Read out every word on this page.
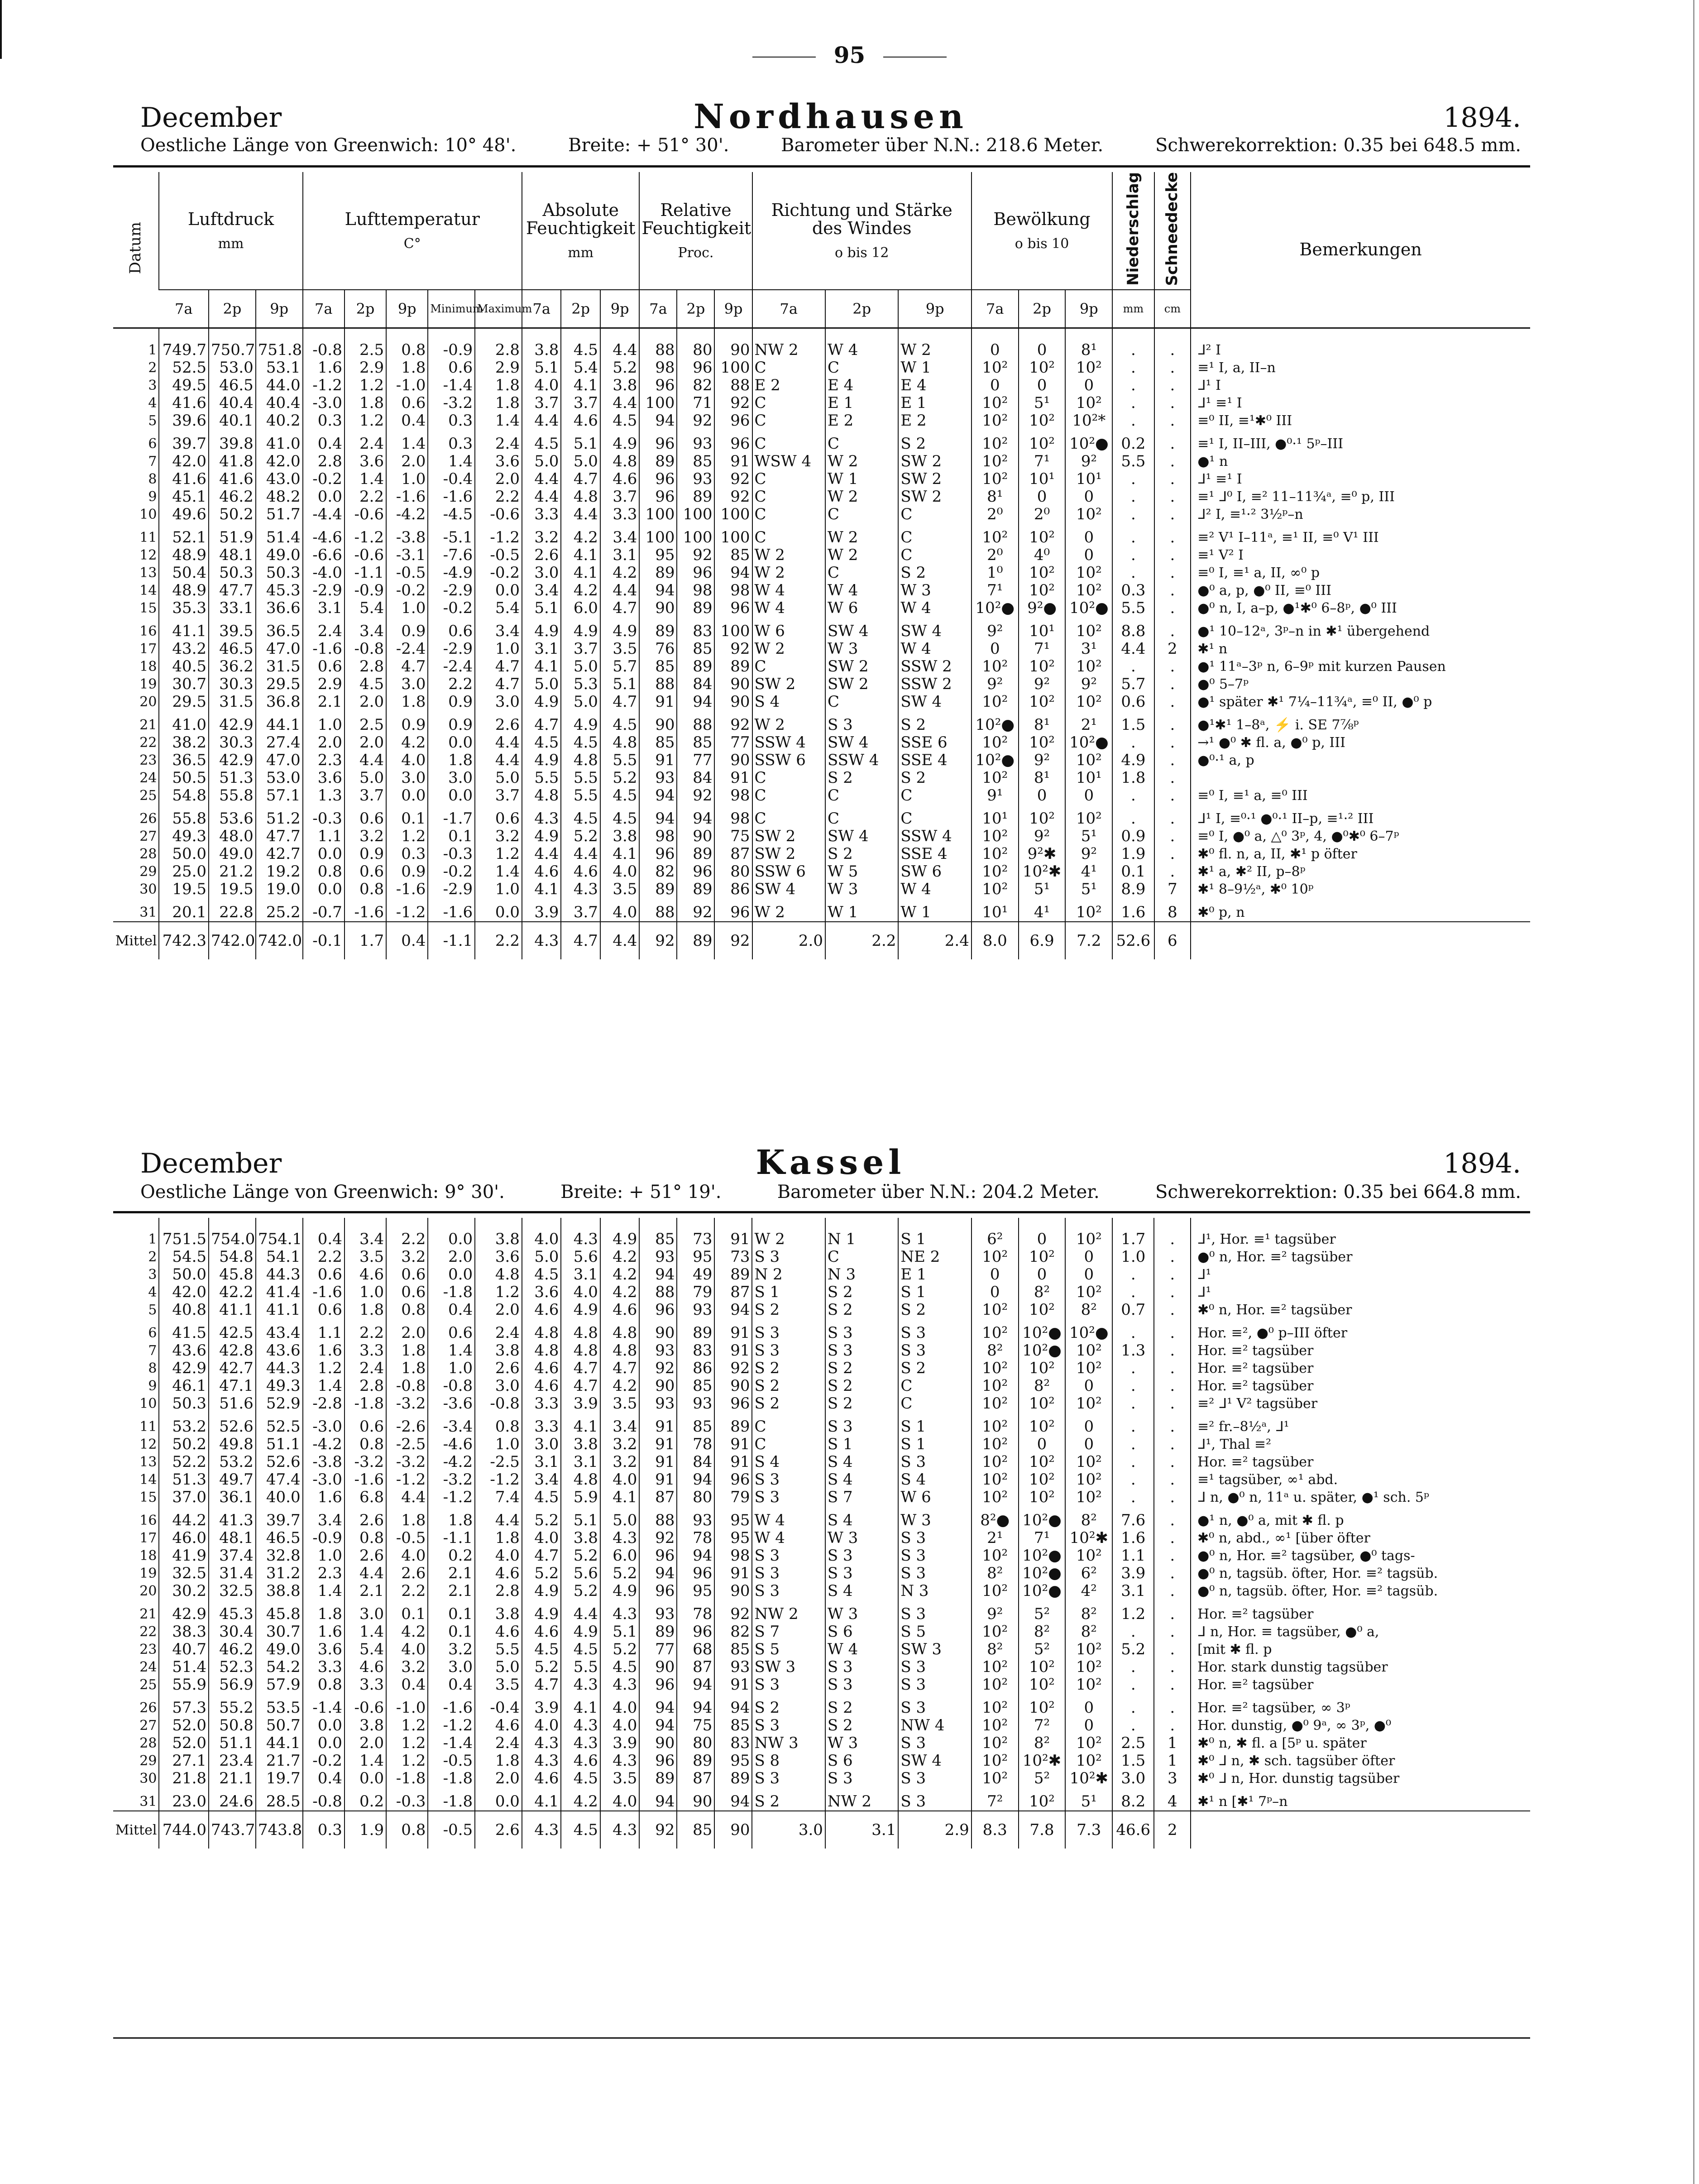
95
December	Nordhausen	1894.
Oestliche Länge von Greenwich: 10° 48'.	Breite: + 51° 30'.	Barometer über N.N.: 218.6 Meter.	Schwerekorrektion: 0.35 bei 648.5 mm.
Datum	Luftdruck
mm			Lufttemperatur
C°					Absolute Feuchtigkeit
mm			Relative Feuchtigkeit
Proc.			Richtung und Stärke des Windes
o bis 12			Bewölkung
o bis 10			Niederschlag	Schneedecke	Bemerkungen
	7a	2p	9p	7a	2p	9p	Minimum	Maximum	7a	2p	9p	7a	2p	9p	7a	2p	9p	7a	2p	9p	mm	cm	
1	749.7	750.7	751.8	-0.8	2.5	0.8	-0.9	2.8	3.8	4.5	4.4	88	80	90	NW 2	W 4	W 2	0	0	8¹	.	.	ᒧ² I
2	52.5	53.0	53.1	1.6	2.9	1.8	0.6	2.9	5.1	5.4	5.2	98	96	100	C	C	W 1	10²	10²	10²	.	.	≡¹ I, a, II–n
3	49.5	46.5	44.0	-1.2	1.2	-1.0	-1.4	1.8	4.0	4.1	3.8	96	82	88	E 2	E 4	E 4	0	0	0	.	.	ᒧ¹ I
4	41.6	40.4	40.4	-3.0	1.8	0.6	-3.2	1.8	3.7	3.7	4.4	100	71	92	C	E 1	E 1	10²	5¹	10²	.	.	ᒧ¹ ≡¹ I
5	39.6	40.1	40.2	0.3	1.2	0.4	0.3	1.4	4.4	4.6	4.5	94	92	96	C	E 2	E 2	10²	10²	10²*	.	.	≡⁰ II, ≡¹✱⁰ III
6	39.7	39.8	41.0	0.4	2.4	1.4	0.3	2.4	4.5	5.1	4.9	96	93	96	C	C	S 2	10²	10²	10²●	0.2	.	≡¹ I, II–III, ●⁰·¹ 5ᵖ–III
7	42.0	41.8	42.0	2.8	3.6	2.0	1.4	3.6	5.0	5.0	4.8	89	85	91	WSW 4	W 2	SW 2	10²	7¹	9²	5.5	.	●¹ n
8	41.6	41.6	43.0	-0.2	1.4	1.0	-0.4	2.0	4.4	4.7	4.6	96	93	92	C	W 1	SW 2	10²	10¹	10¹	.	.	ᒧ¹ ≡¹ I
9	45.1	46.2	48.2	0.0	2.2	-1.6	-1.6	2.2	4.4	4.8	3.7	96	89	92	C	W 2	SW 2	8¹	0	0	.	.	≡¹ ᒧ⁰ I, ≡² 11–11¾ᵃ, ≡⁰ p, III
10	49.6	50.2	51.7	-4.4	-0.6	-4.2	-4.5	-0.6	3.3	4.4	3.3	100	100	100	C	C	C	2⁰	2⁰	10²	.	.	ᒧ² I, ≡¹·² 3½ᵖ–n
11	52.1	51.9	51.4	-4.6	-1.2	-3.8	-5.1	-1.2	3.2	4.2	3.4	100	100	100	C	W 2	C	10²	10²	0	.	.	≡² V¹ I–11ᵃ, ≡¹ II, ≡⁰ V¹ III
12	48.9	48.1	49.0	-6.6	-0.6	-3.1	-7.6	-0.5	2.6	4.1	3.1	95	92	85	W 2	W 2	C	2⁰	4⁰	0	.	.	≡¹ V² I
13	50.4	50.3	50.3	-4.0	-1.1	-0.5	-4.9	-0.2	3.0	4.1	4.2	89	96	94	W 2	C	S 2	1⁰	10²	10²	.	.	≡⁰ I, ≡¹ a, II, ∞⁰ p
14	48.9	47.7	45.3	-2.9	-0.9	-0.2	-2.9	0.0	3.4	4.2	4.4	94	98	98	W 4	W 4	W 3	7¹	10²	10²	0.3	.	●⁰ a, p, ●⁰ II, ≡⁰ III
15	35.3	33.1	36.6	3.1	5.4	1.0	-0.2	5.4	5.1	6.0	4.7	90	89	96	W 4	W 6	W 4	10²●	9²●	10²●	5.5	.	●⁰ n, I, a–p, ●¹✱⁰ 6–8ᵖ, ●⁰ III
16	41.1	39.5	36.5	2.4	3.4	0.9	0.6	3.4	4.9	4.9	4.9	89	83	100	W 6	SW 4	SW 4	9²	10¹	10²	8.8	.	●¹ 10–12ᵃ, 3ᵖ–n in ✱¹ übergehend
17	43.2	46.5	47.0	-1.6	-0.8	-2.4	-2.9	1.0	3.1	3.7	3.5	76	85	92	W 2	W 3	W 4	0	7¹	3¹	4.4	2	✱¹ n
18	40.5	36.2	31.5	0.6	2.8	4.7	-2.4	4.7	4.1	5.0	5.7	85	89	89	C	SW 2	SSW 2	10²	10²	10²	.	.	●¹ 11ᵃ–3ᵖ n, 6–9ᵖ mit kurzen Pausen
19	30.7	30.3	29.5	2.9	4.5	3.0	2.2	4.7	5.0	5.3	5.1	88	84	90	SW 2	SW 2	SSW 2	9²	9²	9²	5.7	.	●⁰ 5–7ᵖ
20	29.5	31.5	36.8	2.1	2.0	1.8	0.9	3.0	4.9	5.0	4.7	91	94	90	S 4	C	SW 4	10²	10²	10²	0.6	.	●¹ später ✱¹ 7¼–11¾ᵃ, ≡⁰ II, ●⁰ p
21	41.0	42.9	44.1	1.0	2.5	0.9	0.9	2.6	4.7	4.9	4.5	90	88	92	W 2	S 3	S 2	10²●	8¹	2¹	1.5	.	●¹✱¹ 1–8ᵃ, ⚡ i. SE 7⅞ᵖ
22	38.2	30.3	27.4	2.0	2.0	4.2	0.0	4.4	4.5	4.5	4.8	85	85	77	SSW 4	SW 4	SSE 6	10²	10²	10²●	.	.	→¹ ●⁰ ✱ fl. a, ●⁰ p, III
23	36.5	42.9	47.0	2.3	4.4	4.0	1.8	4.4	4.9	4.8	5.5	91	77	90	SSW 6	SSW 4	SSE 4	10²●	9²	10²	4.9	.	●⁰·¹ a, p
24	50.5	51.3	53.0	3.6	5.0	3.0	3.0	5.0	5.5	5.5	5.2	93	84	91	C	S 2	S 2	10²	8¹	10¹	1.8	.	
25	54.8	55.8	57.1	1.3	3.7	0.0	0.0	3.7	4.8	5.5	4.5	94	92	98	C	C	C	9¹	0	0	.	.	≡⁰ I, ≡¹ a, ≡⁰ III
26	55.8	53.6	51.2	-0.3	0.6	0.1	-1.7	0.6	4.3	4.5	4.5	94	94	98	C	C	C	10¹	10²	10²	.	.	ᒧ¹ I, ≡⁰·¹ ●⁰·¹ II–p, ≡¹·² III
27	49.3	48.0	47.7	1.1	3.2	1.2	0.1	3.2	4.9	5.2	3.8	98	90	75	SW 2	SW 4	SSW 4	10²	9²	5¹	0.9	.	≡⁰ I, ●⁰ a, △⁰ 3ᵖ, 4, ●⁰✱⁰ 6–7ᵖ
28	50.0	49.0	42.7	0.0	0.9	0.3	-0.3	1.2	4.4	4.4	4.1	96	89	87	SW 2	S 2	SSE 4	10²	9²✱	9²	1.9	.	✱⁰ fl. n, a, II, ✱¹ p öfter
29	25.0	21.2	19.2	0.8	0.6	0.9	-0.2	1.4	4.6	4.6	4.0	82	96	80	SSW 6	W 5	SW 6	10²	10²✱	4¹	0.1	.	✱¹ a, ✱² II, p–8ᵖ
30	19.5	19.5	19.0	0.0	0.8	-1.6	-2.9	1.0	4.1	4.3	3.5	89	89	86	SW 4	W 3	W 4	10²	5¹	5¹	8.9	7	✱¹ 8–9½ᵃ, ✱⁰ 10ᵖ
31	20.1	22.8	25.2	-0.7	-1.6	-1.2	-1.6	0.0	3.9	3.7	4.0	88	92	96	W 2	W 1	W 1	10¹	4¹	10²	1.6	8	✱⁰ p, n
Mittel	742.3	742.0	742.0	-0.1	1.7	0.4	-1.1	2.2	4.3	4.7	4.4	92	89	92	2.0	2.2	2.4	8.0	6.9	7.2	52.6	6	
December	Kassel	1894.
Oestliche Länge von Greenwich: 9° 30'.	Breite: + 51° 19'.	Barometer über N.N.: 204.2 Meter.	Schwerekorrektion: 0.35 bei 664.8 mm.
1	751.5	754.0	754.1	0.4	3.4	2.2	0.0	3.8	4.0	4.3	4.9	85	73	91	W 2	N 1	S 1	6²	0	10²	1.7	.	ᒧ¹, Hor. ≡¹ tagsüber
2	54.5	54.8	54.1	2.2	3.5	3.2	2.0	3.6	5.0	5.6	4.2	93	95	73	S 3	C	NE 2	10²	10²	0	1.0	.	●⁰ n, Hor. ≡² tagsüber
3	50.0	45.8	44.3	0.6	4.6	0.6	0.0	4.8	4.5	3.1	4.2	94	49	89	N 2	N 3	E 1	0	0	0	.	.	ᒧ¹
4	42.0	42.2	41.4	-1.6	1.0	0.6	-1.8	1.2	3.6	4.0	4.2	88	79	87	S 1	S 2	S 1	0	8²	10²	.	.	ᒧ¹
5	40.8	41.1	41.1	0.6	1.8	0.8	0.4	2.0	4.6	4.9	4.6	96	93	94	S 2	S 2	S 2	10²	10²	8²	0.7	.	✱⁰ n, Hor. ≡² tagsüber
6	41.5	42.5	43.4	1.1	2.2	2.0	0.6	2.4	4.8	4.8	4.8	90	89	91	S 3	S 3	S 3	10²	10²●	10²●	.	.	Hor. ≡², ●⁰ p–III öfter
7	43.6	42.8	43.6	1.6	3.3	1.8	1.4	3.8	4.8	4.8	4.8	93	83	91	S 3	S 3	S 3	8²	10²●	10²	1.3	.	Hor. ≡² tagsüber
8	42.9	42.7	44.3	1.2	2.4	1.8	1.0	2.6	4.6	4.7	4.7	92	86	92	S 2	S 2	S 2	10²	10²	10²	.	.	Hor. ≡² tagsüber
9	46.1	47.1	49.3	1.4	2.8	-0.8	-0.8	3.0	4.6	4.7	4.2	90	85	90	S 2	S 2	C	10²	8²	0	.	.	Hor. ≡² tagsüber
10	50.3	51.6	52.9	-2.8	-1.8	-3.2	-3.6	-0.8	3.3	3.9	3.5	93	93	96	S 2	S 2	C	10²	10²	10²	.	.	≡² ᒧ¹ V² tagsüber
11	53.2	52.6	52.5	-3.0	0.6	-2.6	-3.4	0.8	3.3	4.1	3.4	91	85	89	C	S 3	S 1	10²	10²	0	.	.	≡² fr.–8½ᵃ, ᒧ¹
12	50.2	49.8	51.1	-4.2	0.8	-2.5	-4.6	1.0	3.0	3.8	3.2	91	78	91	C	S 1	S 1	10²	0	0	.	.	ᒧ¹, Thal ≡²
13	52.2	53.2	52.6	-3.8	-3.2	-3.2	-4.2	-2.5	3.1	3.1	3.2	91	84	91	S 4	S 4	S 3	10²	10²	10²	.	.	Hor. ≡² tagsüber
14	51.3	49.7	47.4	-3.0	-1.6	-1.2	-3.2	-1.2	3.4	4.8	4.0	91	94	96	S 3	S 4	S 4	10²	10²	10²	.	.	≡¹ tagsüber, ∞¹ abd.
15	37.0	36.1	40.0	1.6	6.8	4.4	-1.2	7.4	4.5	5.9	4.1	87	80	79	S 3	S 7	W 6	10²	10²	10²	.	.	ᒧ n, ●⁰ n, 11ᵃ u. später, ●¹ sch. 5ᵖ
16	44.2	41.3	39.7	3.4	2.6	1.8	1.8	4.4	5.2	5.1	5.0	88	93	95	W 4	S 4	W 3	8²●	10²●	8²	7.6	.	●¹ n, ●⁰ a, mit ✱ fl. p
17	46.0	48.1	46.5	-0.9	0.8	-0.5	-1.1	1.8	4.0	3.8	4.3	92	78	95	W 4	W 3	S 3	2¹	7¹	10²✱	1.6	.	✱⁰ n, abd., ∞¹ [über öfter
18	41.9	37.4	32.8	1.0	2.6	4.0	0.2	4.0	4.7	5.2	6.0	96	94	98	S 3	S 3	S 3	10²	10²●	10²	1.1	.	●⁰ n, Hor. ≡² tagsüber, ●⁰ tags-
19	32.5	31.4	31.2	2.3	4.4	2.6	2.1	4.6	5.2	5.6	5.2	94	96	91	S 3	S 3	S 3	8²	10²●	6²	3.9	.	●⁰ n, tagsüb. öfter, Hor. ≡² tagsüb.
20	30.2	32.5	38.8	1.4	2.1	2.2	2.1	2.8	4.9	5.2	4.9	96	95	90	S 3	S 4	N 3	10²	10²●	4²	3.1	.	●⁰ n, tagsüb. öfter, Hor. ≡² tagsüb.
21	42.9	45.3	45.8	1.8	3.0	0.1	0.1	3.8	4.9	4.4	4.3	93	78	92	NW 2	W 3	S 3	9²	5²	8²	1.2	.	Hor. ≡² tagsüber
22	38.3	30.4	30.7	1.6	1.4	4.2	0.1	4.6	4.6	4.9	5.1	89	96	82	S 7	S 6	S 5	10²	8²	8²	.	.	ᒧ n, Hor. ≡ tagsüber, ●⁰ a,
23	40.7	46.2	49.0	3.6	5.4	4.0	3.2	5.5	4.5	4.5	5.2	77	68	85	S 5	W 4	SW 3	8²	5²	10²	5.2	.	[mit ✱ fl. p
24	51.4	52.3	54.2	3.3	4.6	3.2	3.0	5.0	5.2	5.5	4.5	90	87	93	SW 3	S 3	S 3	10²	10²	10²	.	.	Hor. stark dunstig tagsüber
25	55.9	56.9	57.9	0.8	3.3	0.4	0.4	3.5	4.7	4.3	4.3	96	94	91	S 3	S 3	S 3	10²	10²	10²	.	.	Hor. ≡² tagsüber
26	57.3	55.2	53.5	-1.4	-0.6	-1.0	-1.6	-0.4	3.9	4.1	4.0	94	94	94	S 2	S 2	S 3	10²	10²	0	.	.	Hor. ≡² tagsüber, ∞ 3ᵖ
27	52.0	50.8	50.7	0.0	3.8	1.2	-1.2	4.6	4.0	4.3	4.0	94	75	85	S 3	S 2	NW 4	10²	7²	0	.	.	Hor. dunstig, ●⁰ 9ᵃ, ∞ 3ᵖ, ●⁰
28	52.0	51.1	44.1	0.0	2.0	1.2	-1.4	2.4	4.3	4.3	3.9	90	80	83	NW 3	W 3	S 3	10²	8²	10²	2.5	1	✱⁰ n, ✱ fl. a [5ᵖ u. später
29	27.1	23.4	21.7	-0.2	1.4	1.2	-0.5	1.8	4.3	4.6	4.3	96	89	95	S 8	S 6	SW 4	10²	10²✱	10²	1.5	1	✱⁰ ᒧ n, ✱ sch. tagsüber öfter
30	21.8	21.1	19.7	0.4	0.0	-1.8	-1.8	2.0	4.6	4.5	3.5	89	87	89	S 3	S 3	S 3	10²	5²	10²✱	3.0	3	✱⁰ ᒧ n, Hor. dunstig tagsüber
31	23.0	24.6	28.5	-0.8	0.2	-0.3	-1.8	0.0	4.1	4.2	4.0	94	90	94	S 2	NW 2	S 3	7²	10²	5¹	8.2	4	✱¹ n [✱¹ 7ᵖ–n
Mittel	744.0	743.7	743.8	0.3	1.9	0.8	-0.5	2.6	4.3	4.5	4.3	92	85	90	3.0	3.1	2.9	8.3	7.8	7.3	46.6	2	
